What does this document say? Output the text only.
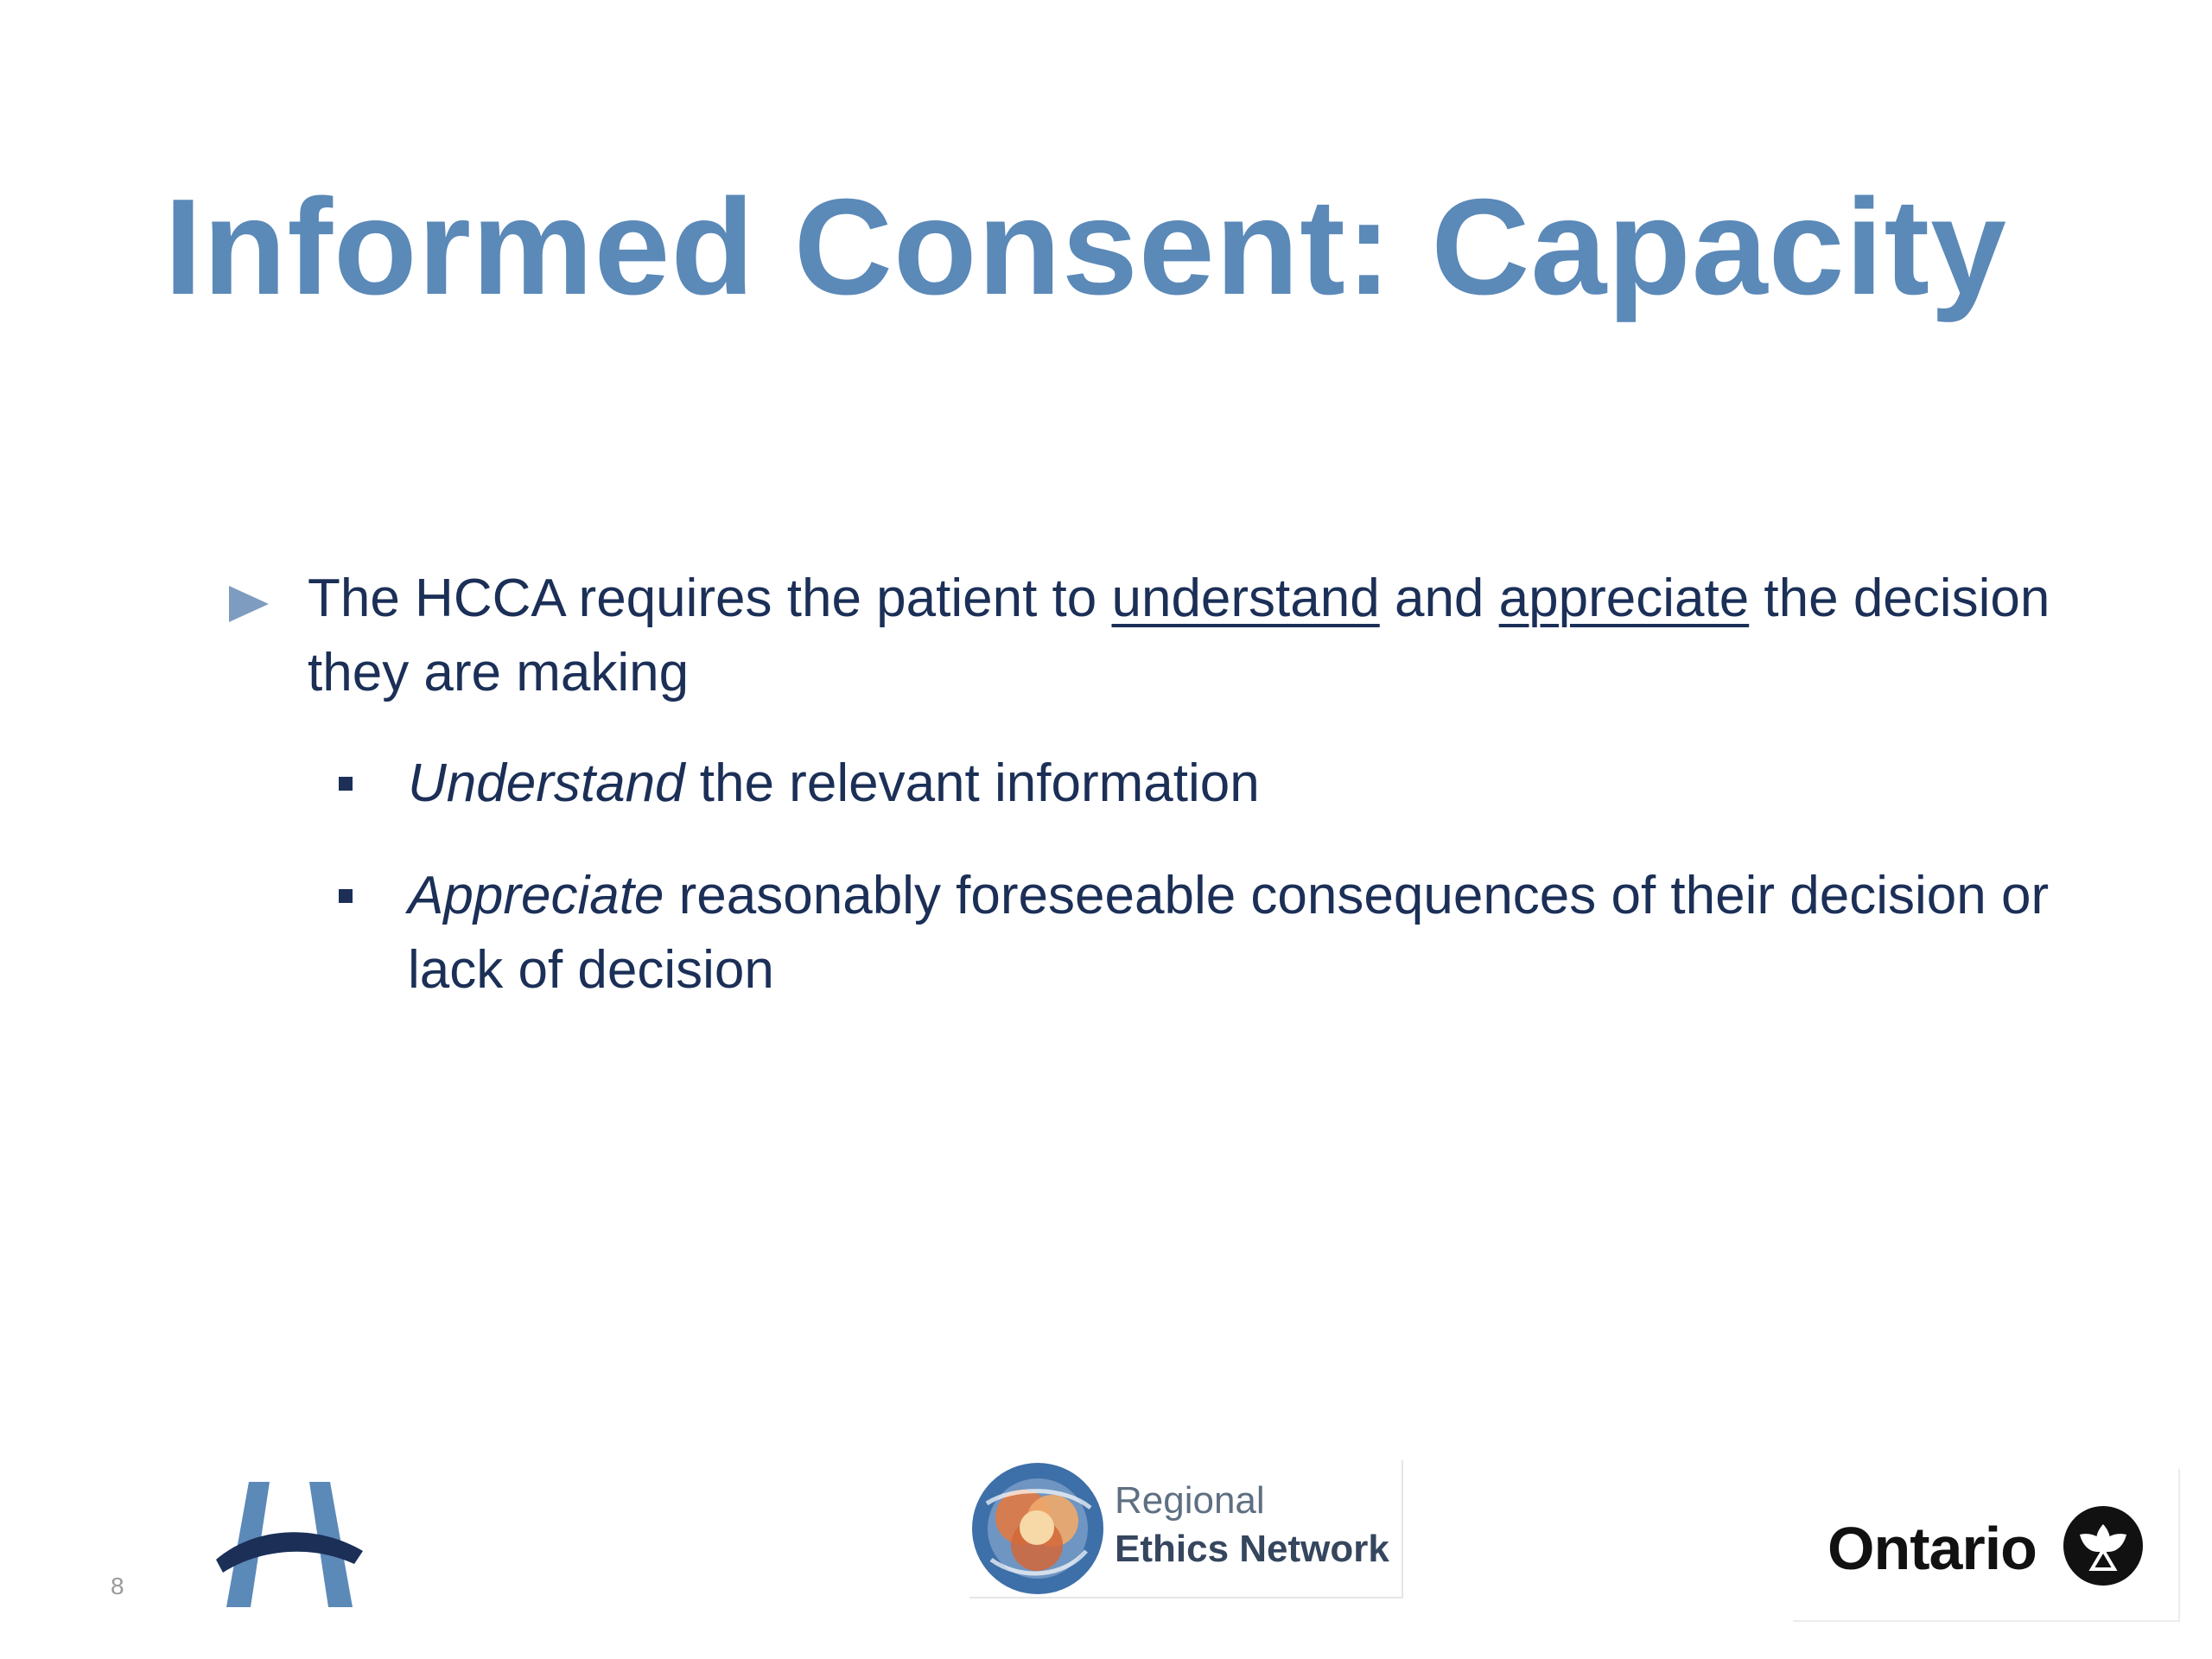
Informed Consent: Capacity

The HCCA requires the patient to understand and appreciate the decision they are making

Understand the relevant information

Appreciate reasonably foreseeable consequences of their decision or lack of decision

8
Regional
Ethics Network	Ontario
